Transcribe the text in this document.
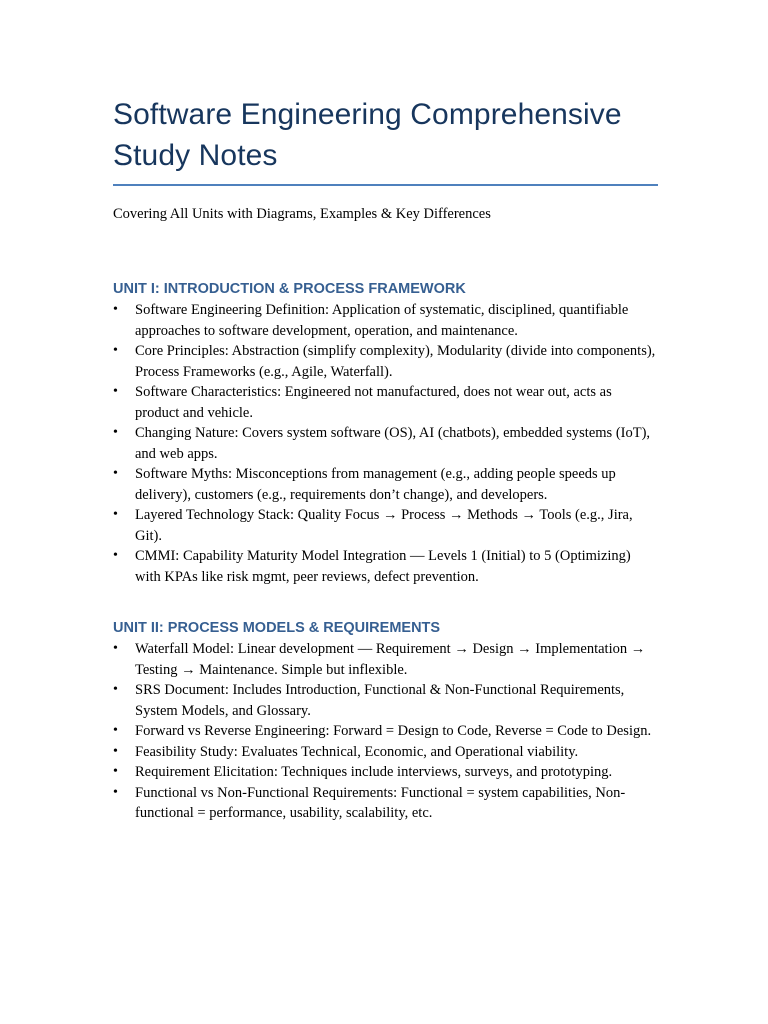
Software Engineering Comprehensive Study Notes
Covering All Units with Diagrams, Examples & Key Differences
UNIT I: INTRODUCTION & PROCESS FRAMEWORK
• Software Engineering Definition: Application of systematic, disciplined, quantifiable approaches to software development, operation, and maintenance.
• Core Principles: Abstraction (simplify complexity), Modularity (divide into components), Process Frameworks (e.g., Agile, Waterfall).
• Software Characteristics: Engineered not manufactured, does not wear out, acts as product and vehicle.
• Changing Nature: Covers system software (OS), AI (chatbots), embedded systems (IoT), and web apps.
• Software Myths: Misconceptions from management (e.g., adding people speeds up delivery), customers (e.g., requirements don’t change), and developers.
• Layered Technology Stack: Quality Focus → Process → Methods → Tools (e.g., Jira, Git).
• CMMI: Capability Maturity Model Integration — Levels 1 (Initial) to 5 (Optimizing) with KPAs like risk mgmt, peer reviews, defect prevention.
UNIT II: PROCESS MODELS & REQUIREMENTS
• Waterfall Model: Linear development — Requirement → Design → Implementation → Testing → Maintenance. Simple but inflexible.
• SRS Document: Includes Introduction, Functional & Non-Functional Requirements, System Models, and Glossary.
• Forward vs Reverse Engineering: Forward = Design to Code, Reverse = Code to Design.
• Feasibility Study: Evaluates Technical, Economic, and Operational viability.
• Requirement Elicitation: Techniques include interviews, surveys, and prototyping.
• Functional vs Non-Functional Requirements: Functional = system capabilities, Non-functional = performance, usability, scalability, etc.
